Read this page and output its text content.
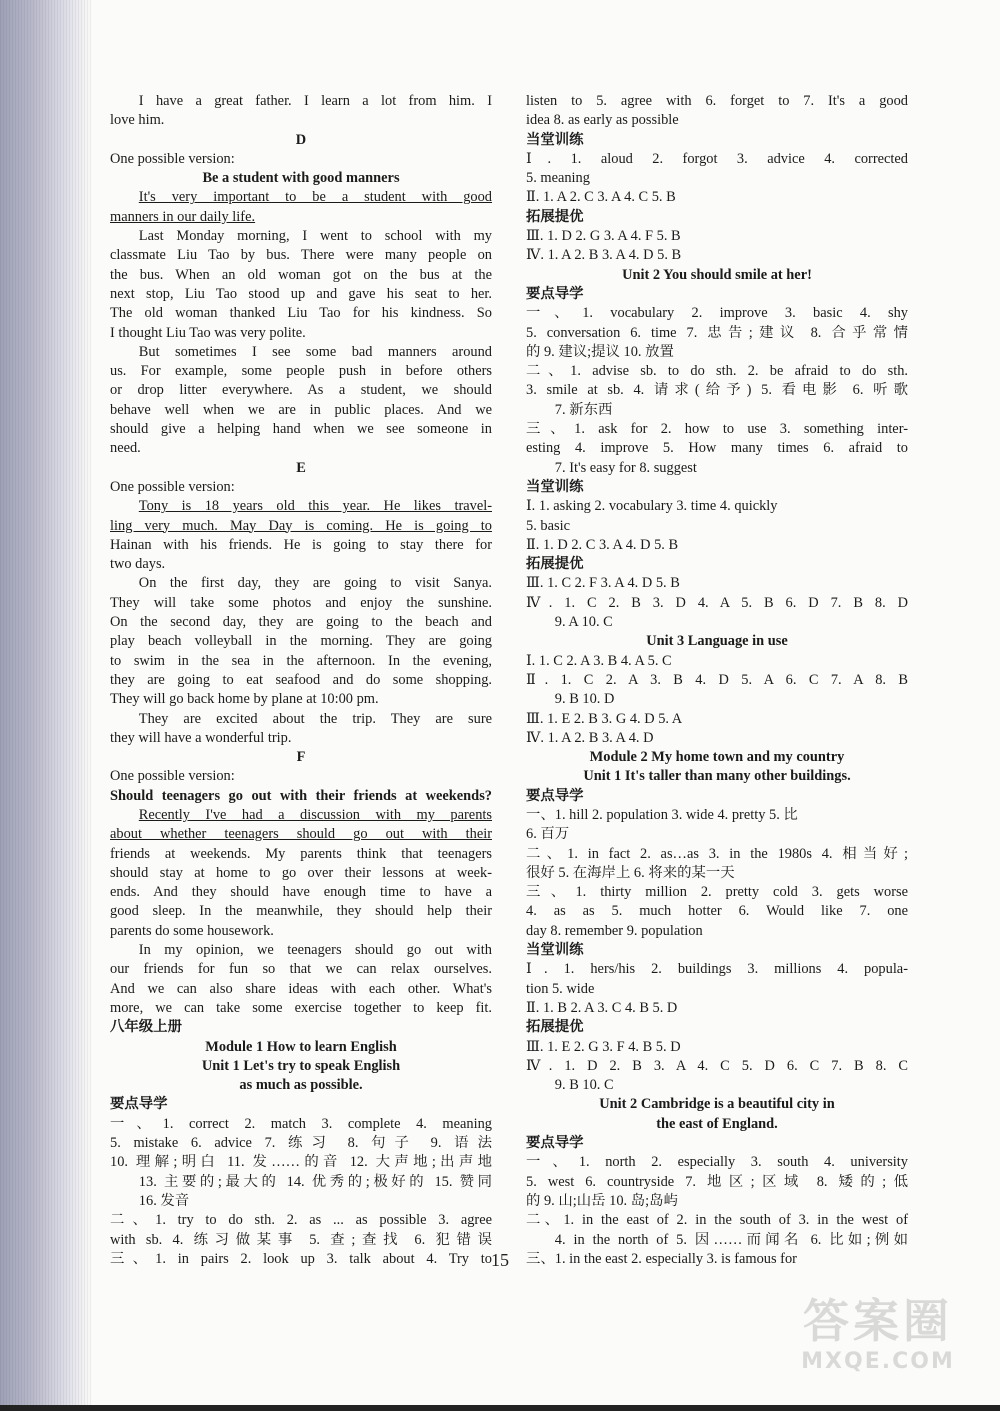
I have a great father. I learn a lot from him. I
love him.
D
One possible version:
Be a student with good manners
It's very important to be a student with good
manners in our daily life.
Last Monday morning, I went to school with my
classmate Liu Tao by bus. There were many people on
the bus. When an old woman got on the bus at the
next stop, Liu Tao stood up and gave his seat to her.
The old woman thanked Liu Tao for his kindness. So
I thought Liu Tao was very polite.
But sometimes I see some bad manners around
us. For example, some people push in before others
or drop litter everywhere. As a student, we should
behave well when we are in public places. And we
should give a helping hand when we see someone in
need.
E
One possible version:
Tony is 18 years old this year. He likes travel-
ling very much. May Day is coming. He is going to
Hainan with his friends. He is going to stay there for
two days.
On the first day, they are going to visit Sanya.
They will take some photos and enjoy the sunshine.
On the second day, they are going to the beach and
play beach volleyball in the morning. They are going
to swim in the sea in the afternoon. In the evening,
they are going to eat seafood and do some shopping.
They will go back home by plane at 10:00 pm.
They are excited about the trip. They are sure
they will have a wonderful trip.
F
One possible version:
Should teenagers go out with their friends at weekends?
Recently I've had a discussion with my parents
about whether teenagers should go out with their
friends at weekends. My parents think that teenagers
should stay at home to go over their lessons at week-
ends. And they should have enough time to have a
good sleep. In the meanwhile, they should help their
parents do some housework.
In my opinion, we teenagers should go out with
our friends for fun so that we can relax ourselves.
And we can also share ideas with each other. What's
more, we can take some exercise together to keep fit.
八年级上册
Module 1 How to learn English
Unit 1 Let's try to speak English
as much as possible.
要点导学
一、1. correct 2. match 3. complete 4. meaning
5. mistake 6. advice 7. 练习 8. 句子 9. 语法
10. 理解;明白 11. 发……的音 12. 大声地;出声地
13. 主要的;最大的 14. 优秀的;极好的 15. 赞同
16. 发音
二、1. try to do sth. 2. as ... as possible 3. agree
with sb. 4. 练习做某事 5. 查;查找 6. 犯错误
三、1. in pairs 2. look up 3. talk about 4. Try to
listen to 5. agree with 6. forget to 7. It's a good
idea 8. as early as possible
当堂训练
Ⅰ. 1. aloud 2. forgot 3. advice 4. corrected
5. meaning
Ⅱ. 1. A 2. C 3. A 4. C 5. B
拓展提优
Ⅲ. 1. D 2. G 3. A 4. F 5. B
Ⅳ. 1. A 2. B 3. A 4. D 5. B
Unit 2 You should smile at her!
要点导学
一、1. vocabulary 2. improve 3. basic 4. shy
5. conversation 6. time 7. 忠告;建议 8. 合乎常情
的 9. 建议;提议 10. 放置
二、1. advise sb. to do sth. 2. be afraid to do sth.
3. smile at sb. 4. 请求(给予) 5. 看电影 6. 听歌
7. 新东西
三、1. ask for 2. how to use 3. something inter-
esting 4. improve 5. How many times 6. afraid to
7. It's easy for 8. suggest
当堂训练
Ⅰ. 1. asking 2. vocabulary 3. time 4. quickly
5. basic
Ⅱ. 1. D 2. C 3. A 4. D 5. B
拓展提优
Ⅲ. 1. C 2. F 3. A 4. D 5. B
Ⅳ. 1. C 2. B 3. D 4. A 5. B 6. D 7. B 8. D
9. A 10. C
Unit 3 Language in use
Ⅰ. 1. C 2. A 3. B 4. A 5. C
Ⅱ. 1. C 2. A 3. B 4. D 5. A 6. C 7. A 8. B
9. B 10. D
Ⅲ. 1. E 2. B 3. G 4. D 5. A
Ⅳ. 1. A 2. B 3. A 4. D
Module 2 My home town and my country
Unit 1 It's taller than many other buildings.
要点导学
一、1. hill 2. population 3. wide 4. pretty 5. 比
6. 百万
二、1. in fact 2. as…as 3. in the 1980s 4. 相当好;
很好 5. 在海岸上 6. 将来的某一天
三、1. thirty million 2. pretty cold 3. gets worse
4. as as 5. much hotter 6. Would like 7. one
day 8. remember 9. population
当堂训练
Ⅰ. 1. hers/his 2. buildings 3. millions 4. popula-
tion 5. wide
Ⅱ. 1. B 2. A 3. C 4. B 5. D
拓展提优
Ⅲ. 1. E 2. G 3. F 4. B 5. D
Ⅳ. 1. D 2. B 3. A 4. C 5. D 6. C 7. B 8. C
9. B 10. C
Unit 2 Cambridge is a beautiful city in
the east of England.
要点导学
一、1. north 2. especially 3. south 4. university
5. west 6. countryside 7. 地区;区域 8. 矮的;低
的 9. 山;山岳 10. 岛;岛屿
二、1. in the east of 2. in the south of 3. in the west of
4. in the north of 5. 因……而闻名 6. 比如;例如
三、1. in the east 2. especially 3. is famous for
15
答案圈
MXQE.COM
